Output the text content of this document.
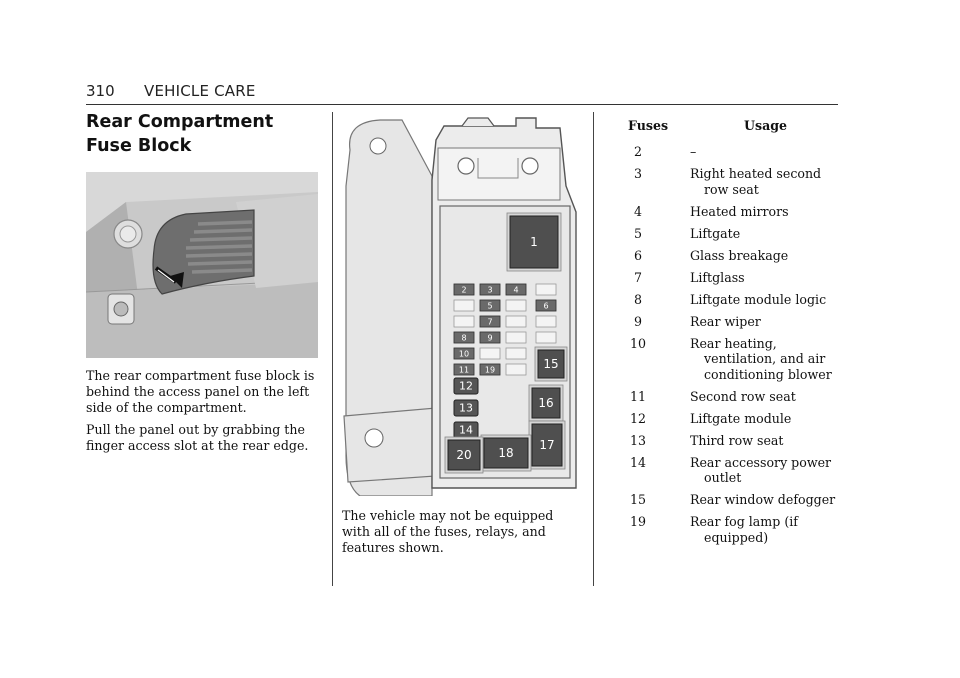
310 VEHICLE CARE
Rear Compartment Fuse Block

The rear compartment fuse block is behind the access panel on the left side of the compartment.

Pull the panel out by grabbing the finger access slot at the rear edge.

2	3	4
5	6
7
8	9
10
11 19
12
13
14
1
15
16
17
18
20

The vehicle may not be equipped with all of the fuses, relays, and features shown.

Fuses	Usage
2	–
3	Right heated second row seat
4	Heated mirrors
5	Liftgate
6	Glass breakage
7	Liftglass
8	Liftgate module logic
9	Rear wiper
10	Rear heating, ventilation, and air conditioning blower
11	Second row seat
12	Liftgate module
13	Third row seat
14	Rear accessory power outlet
15	Rear window defogger
19	Rear fog lamp (if equipped)
